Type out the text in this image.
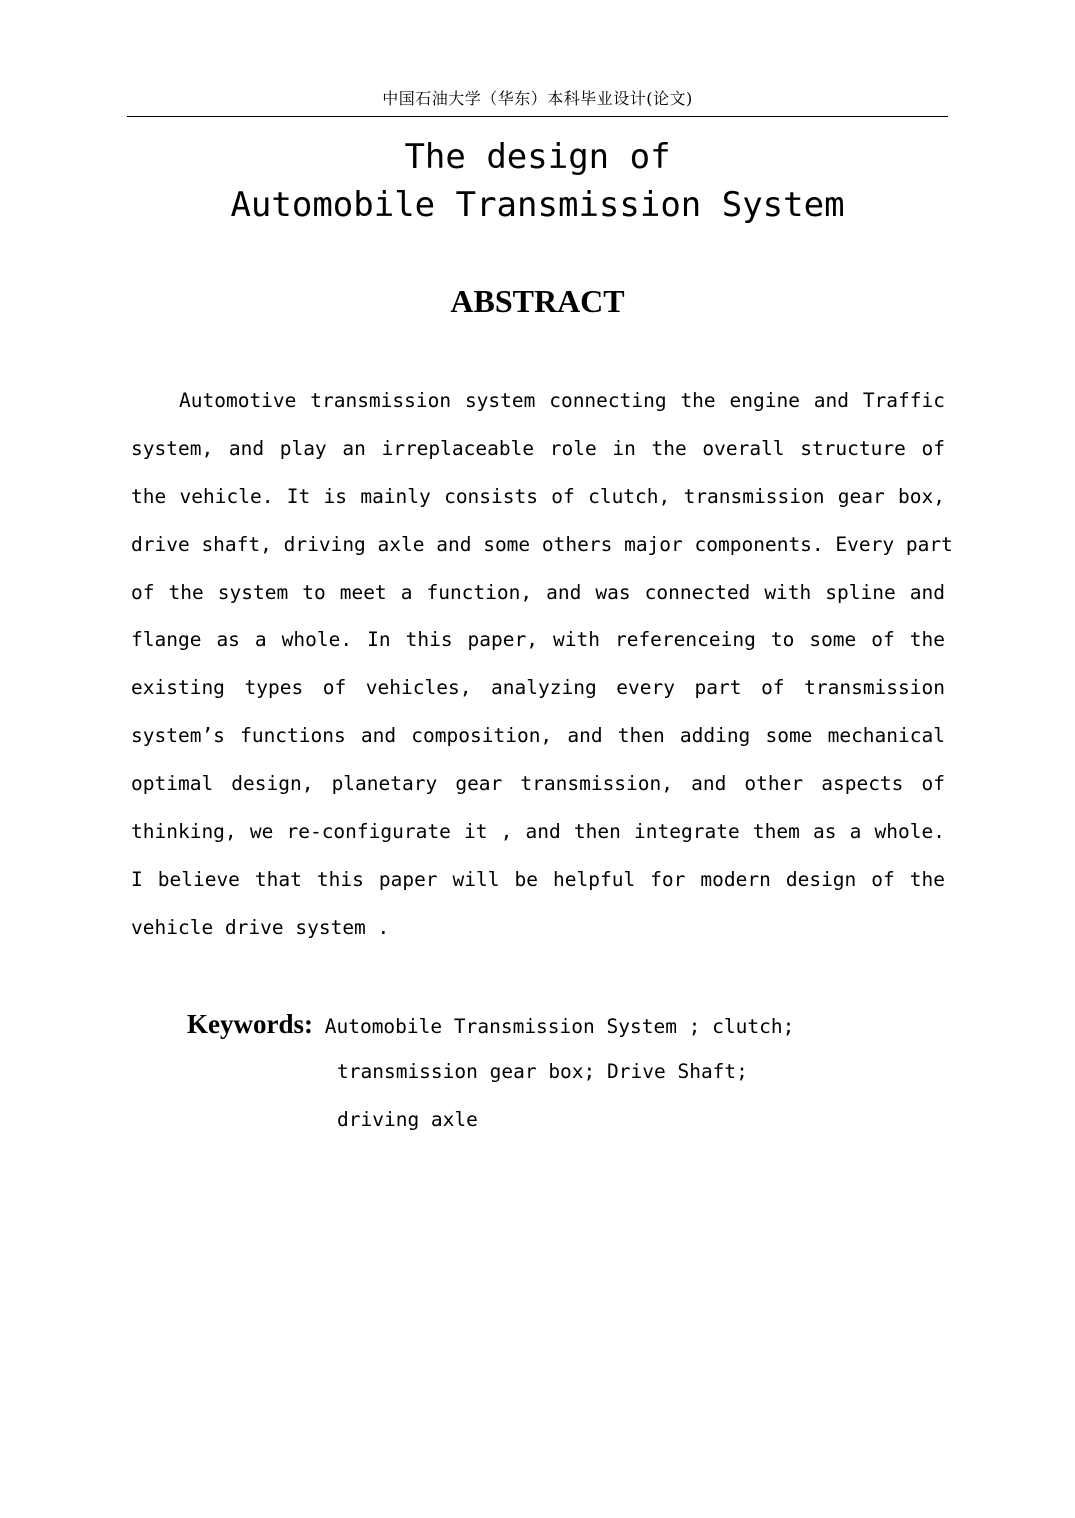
中国石油大学（华东）本科毕业设计(论文)
The design of
Automobile Transmission System
ABSTRACT
Automotive transmission system connecting the engine and Traffic
system, and play an irreplaceable role in the overall structure of
the vehicle. It is mainly consists of clutch, transmission gear box,
drive shaft, driving axle and some others major components. Every part
of the system to meet a function, and was connected with spline and
flange as a whole. In this paper, with referenceing to some of the
existing types of vehicles, analyzing every part of transmission
system’s functions and composition, and then adding some mechanical
optimal design, planetary gear transmission, and other aspects of
thinking, we re-configurate it , and then integrate them as a whole.
I believe that this paper will be helpful for modern design of the
vehicle drive system .
Keywords: Automobile Transmission System ; clutch;
transmission gear box; Drive Shaft;
driving axle
